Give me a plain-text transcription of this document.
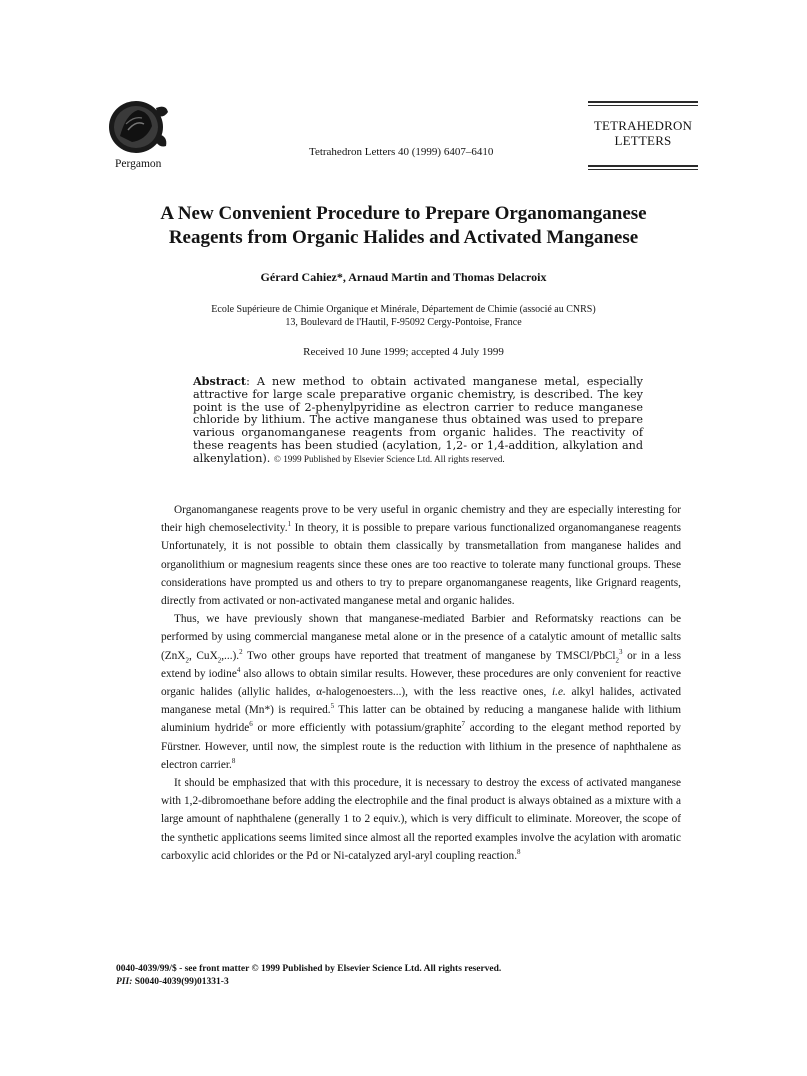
Pergamon
Tetrahedron Letters 40 (1999) 6407–6410
TETRAHEDRON
LETTERS
A New Convenient Procedure to Prepare Organomanganese
Reagents from Organic Halides and Activated Manganese
Gérard Cahiez*, Arnaud Martin and Thomas Delacroix
Ecole Supérieure de Chimie Organique et Minérale, Département de Chimie (associé au CNRS)
13, Boulevard de l'Hautil, F-95092 Cergy-Pontoise, France
Received 10 June 1999; accepted 4 July 1999
Abstract: A new method to obtain activated manganese metal, especially attractive for large scale preparative organic chemistry, is described. The key point is the use of 2-phenylpyridine as electron carrier to reduce manganese chloride by lithium. The active manganese thus obtained was used to prepare various organomanganese reagents from organic halides. The reactivity of these reagents has been studied (acylation, 1,2- or 1,4-addition, alkylation and alkenylation). © 1999 Published by Elsevier Science Ltd. All rights reserved.

Organomanganese reagents prove to be very useful in organic chemistry and they are especially interesting for their high chemoselectivity.$^1$ In theory, it is possible to prepare various functionalized organomanganese reagents Unfortunately, it is not possible to obtain them classically by transmetallation from manganese halides and organolithium or magnesium reagents since these ones are too reactive to tolerate many functional groups. These considerations have prompted us and others to try to prepare organomanganese reagents, like Grignard reagents, directly from activated or non-activated manganese metal and organic halides.

Thus, we have previously shown that manganese-mediated Barbier and Reformatsky reactions can be performed by using commercial manganese metal alone or in the presence of a catalytic amount of metallic salts (ZnX$_2$, CuX$_2$,...).$^2$ Two other groups have reported that treatment of manganese by TMSCl/PbCl$_2^3$ or in a less extend by iodine$^4$ also allows to obtain similar results. However, these procedures are only convenient for reactive organic halides (allylic halides, α-halogenoesters...), with the less reactive ones, i.e. alkyl halides, activated manganese metal (Mn*) is required.$^5$ This latter can be obtained by reducing a manganese halide with lithium aluminium hydride$^6$ or more efficiently with potassium/graphite$^7$ according to the elegant method reported by Fürstner. However, until now, the simplest route is the reduction with lithium in the presence of naphthalene as electron carrier.$^8$

It should be emphasized that with this procedure, it is necessary to destroy the excess of activated manganese with 1,2-dibromoethane before adding the electrophile and the final product is always obtained as a mixture with a large amount of naphthalene (generally 1 to 2 equiv.), which is very difficult to eliminate. Moreover, the scope of the synthetic applications seems limited since almost all the reported examples involve the acylation with aromatic carboxylic acid chlorides or the Pd or Ni-catalyzed aryl-aryl coupling reaction.$^8$

0040-4039/99/$ - see front matter © 1999 Published by Elsevier Science Ltd. All rights reserved.
PII: S0040-4039(99)01331-3
